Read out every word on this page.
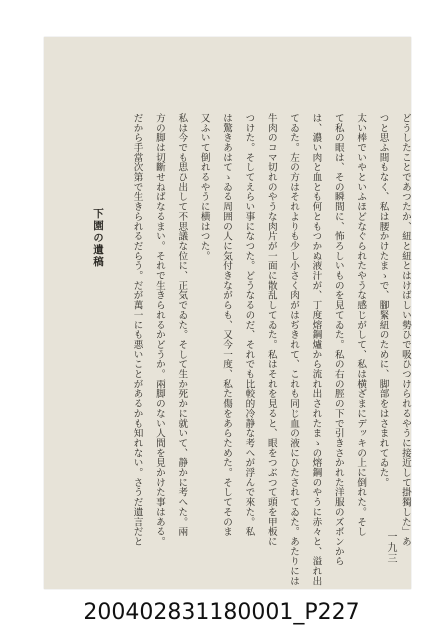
下園の遺稿	どうしたことであつたか、紐と紐とはけばしい勢ひで吸ひつけられるやうに接近して掛獨した」あ
つと思ふ間もなく、私は腰かけたまゝで、腳緊紐のために、脚部をはさまれてゐた。
太い棒でいやといふほどなぐられたやうな感じがして、私は横ざまにデッキの上に倒れた。そし
て私の眼は、その瞬間に、怖ろしいものを見てゐた。私の右の脛の下で引きさかれた洋服のズボンから
は、濃い肉と血とも何ともつかぬ液汁が、丁度熔鋼爐から流れ出されたまゝの熔鋼のやうに赤々と、溢れ出
てゐた。左の方はそれよりも少し小さく肉がはぢきれて、これも同じ血の液にひたされてゐた。あたりには
牛肉のコマ切れのやうな肉片が一面に散乱してゐた。私はそれを見ると、眼をつぶつて頭を甲板に
つけた。そしてえらい事になつた。どうなるのだ、それでも比較的冷静な考へが浮んで來た。私
は驚きあはてゝゐる周囲の人に気付きながらも、又今一度、私た傷をあらためた。そしてそのま
又ふいて倒れるやうに横はつた。
私は今でも思ひ出して不思議な位に、正気でゐた。そして生か死かに就いて、静かに考へた。兩
方の脚は切斷せねばなるまい。それで生きられるかどうか。兩脚のない人間を見かけた事はある。
だから手當次第で生きられるだらう。だが萬一にも悪いことがあるかも知れない。さうだ遺言だと
一九三
200402831180001_P227
